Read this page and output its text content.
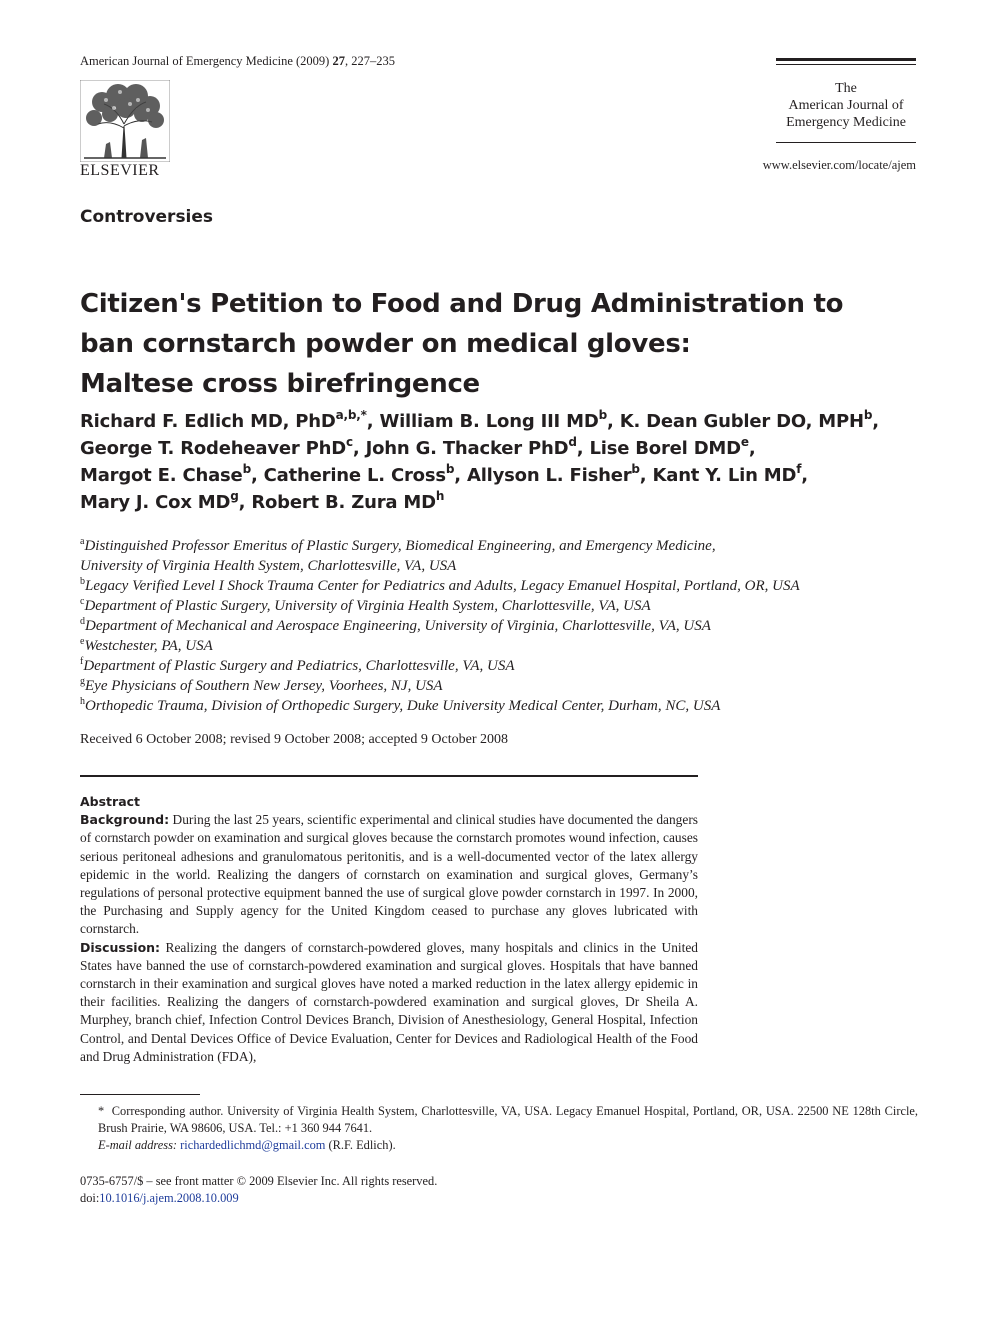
American Journal of Emergency Medicine (2009) 27, 227–235
ELSEVIER
The
American Journal of
Emergency Medicine
www.elsevier.com/locate/ajem
Controversies
Citizen's Petition to Food and Drug Administration to
ban cornstarch powder on medical gloves:
Maltese cross birefringence
Richard F. Edlich MD, PhD$^{a,b,*}$, William B. Long III $MD^b$, K. Dean Gubler DO, MPH$^b$,
George T. Rodeheaver PhD$^c$, John G. Thacker PhD$^d$, Lise Borel DMDe,
Margot E. Chase$^b$, Catherine L. Cross$^b$, Allyson L. Fisher$^b$, Kant Y. Lin $MD^f$,
Mary J. Cox $MD^g$, Robert B. Zura $MD^h$
$^a$Distinguished Professor Emeritus of Plastic Surgery, Biomedical Engineering, and Emergency Medicine,
University of Virginia Health System, Charlottesville, VA, USA
$^b$Legacy Verified Level I Shock Trauma Center for Pediatrics and Adults, Legacy Emanuel Hospital, Portland, OR, USA
$^c$Department of Plastic Surgery, University of Virginia Health System, Charlottesville, VA, USA
$^d$Department of Mechanical and Aerospace Engineering, University of Virginia, Charlottesville, VA, USA
$^e$Westchester, PA, USA
$^f$Department of Plastic Surgery and Pediatrics, Charlottesville, VA, USA
$^g$Eye Physicians of Southern New Jersey, Voorhees, NJ, USA
$^h$Orthopedic Trauma, Division of Orthopedic Surgery, Duke University Medical Center, Durham, NC, USA
Received 6 October 2008; revised 9 October 2008; accepted 9 October 2008

Abstract

Background: During the last 25 years, scientific experimental and clinical studies have documented the dangers of cornstarch powder on examination and surgical gloves because the cornstarch promotes wound infection, causes serious peritoneal adhesions and granulomatous peritonitis, and is a well-documented vector of the latex allergy epidemic in the world. Realizing the dangers of cornstarch on examination and surgical gloves, Germany’s regulations of personal protective equipment banned the use of surgical glove powder cornstarch in 1997. In 2000, the Purchasing and Supply agency for the United Kingdom ceased to purchase any gloves lubricated with cornstarch.

Discussion: Realizing the dangers of cornstarch-powdered gloves, many hospitals and clinics in the United States have banned the use of cornstarch-powdered examination and surgical gloves. Hospitals that have banned cornstarch in their examination and surgical gloves have noted a marked reduction in the latex allergy epidemic in their facilities. Realizing the dangers of cornstarch-powdered examination and surgical gloves, Dr Sheila A. Murphey, branch chief, Infection Control Devices Branch, Division of Anesthesiology, General Hospital, Infection Control, and Dental Devices Office of Device Evaluation, Center for Devices and Radiological Health of the Food and Drug Administration (FDA),

* Corresponding author. University of Virginia Health System, Charlottesville, VA, USA. Legacy Emanuel Hospital, Portland, OR, USA. 22500 NE 128th Circle, Brush Prairie, WA 98606, USA. Tel.: +1 360 944 7641.

E-mail address: richardedlichmd@gmail.com (R.F. Edlich).

0735-6757/$ – see front matter © 2009 Elsevier Inc. All rights reserved.
doi:10.1016/j.ajem.2008.10.009
